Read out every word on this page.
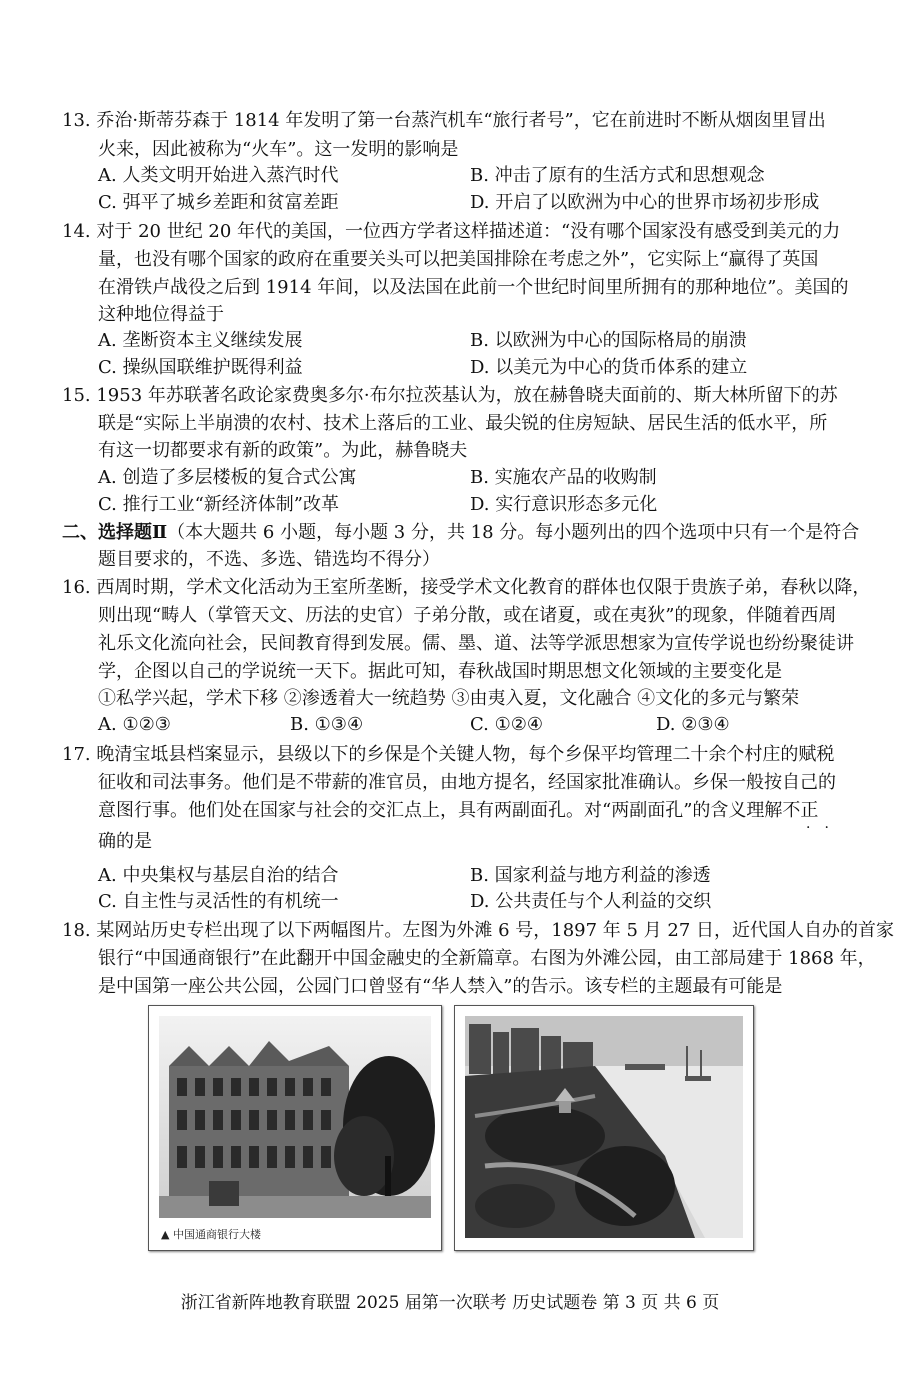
13. 乔治·斯蒂芬森于 1814 年发明了第一台蒸汽机车“旅行者号”，它在前进时不断从烟囱里冒出
火来，因此被称为“火车”。这一发明的影响是
A. 人类文明开始进入蒸汽时代	B. 冲击了原有的生活方式和思想观念
C. 弭平了城乡差距和贫富差距	D. 开启了以欧洲为中心的世界市场初步形成
14. 对于 20 世纪 20 年代的美国，一位西方学者这样描述道：“没有哪个国家没有感受到美元的力
量，也没有哪个国家的政府在重要关头可以把美国排除在考虑之外”，它实际上“赢得了英国
在滑铁卢战役之后到 1914 年间，以及法国在此前一个世纪时间里所拥有的那种地位”。美国的
这种地位得益于
A. 垄断资本主义继续发展	B. 以欧洲为中心的国际格局的崩溃
C. 操纵国联维护既得利益	D. 以美元为中心的货币体系的建立
15. 1953 年苏联著名政论家费奥多尔·布尔拉茨基认为，放在赫鲁晓夫面前的、斯大林所留下的苏
联是“实际上半崩溃的农村、技术上落后的工业、最尖锐的住房短缺、居民生活的低水平，所
有这一切都要求有新的政策”。为此，赫鲁晓夫
A. 创造了多层楼板的复合式公寓	B. 实施农产品的收购制
C. 推行工业“新经济体制”改革	D. 实行意识形态多元化
二、选择题Ⅱ（本大题共 6 小题，每小题 3 分，共 18 分。每小题列出的四个选项中只有一个是符合
题目要求的，不选、多选、错选均不得分）
16. 西周时期，学术文化活动为王室所垄断，接受学术文化教育的群体也仅限于贵族子弟，春秋以降，
则出现“畴人（掌管天文、历法的史官）子弟分散，或在诸夏，或在夷狄”的现象，伴随着西周
礼乐文化流向社会，民间教育得到发展。儒、墨、道、法等学派思想家为宣传学说也纷纷聚徒讲
学，企图以自己的学说统一天下。据此可知，春秋战国时期思想文化领域的主要变化是
①私学兴起，学术下移 ②渗透着大一统趋势 ③由夷入夏，文化融合 ④文化的多元与繁荣
A. ①②③	B. ①③④	C. ①②④	D. ②③④
17. 晚清宝坻县档案显示，县级以下的乡保是个关键人物，每个乡保平均管理二十余个村庄的赋税
征收和司法事务。他们是不带薪的准官员，由地方提名，经国家批准确认。乡保一般按自己的
意图行事。他们处在国家与社会的交汇点上，具有两副面孔。对“两副面孔”的含义理解不正
··
确的是
A. 中央集权与基层自治的结合	B. 国家利益与地方利益的渗透
C. 自主性与灵活性的有机统一	D. 公共责任与个人利益的交织
18. 某网站历史专栏出现了以下两幅图片。左图为外滩 6 号，1897 年 5 月 27 日，近代国人自办的首家
银行“中国通商银行”在此翻开中国金融史的全新篇章。右图为外滩公园，由工部局建于 1868 年，
是中国第一座公共公园，公园门口曾竖有“华人禁入”的告示。该专栏的主题最有可能是
▲ 中国通商银行大楼
浙江省新阵地教育联盟 2025 届第一次联考 历史试题卷 第 3 页 共 6 页
